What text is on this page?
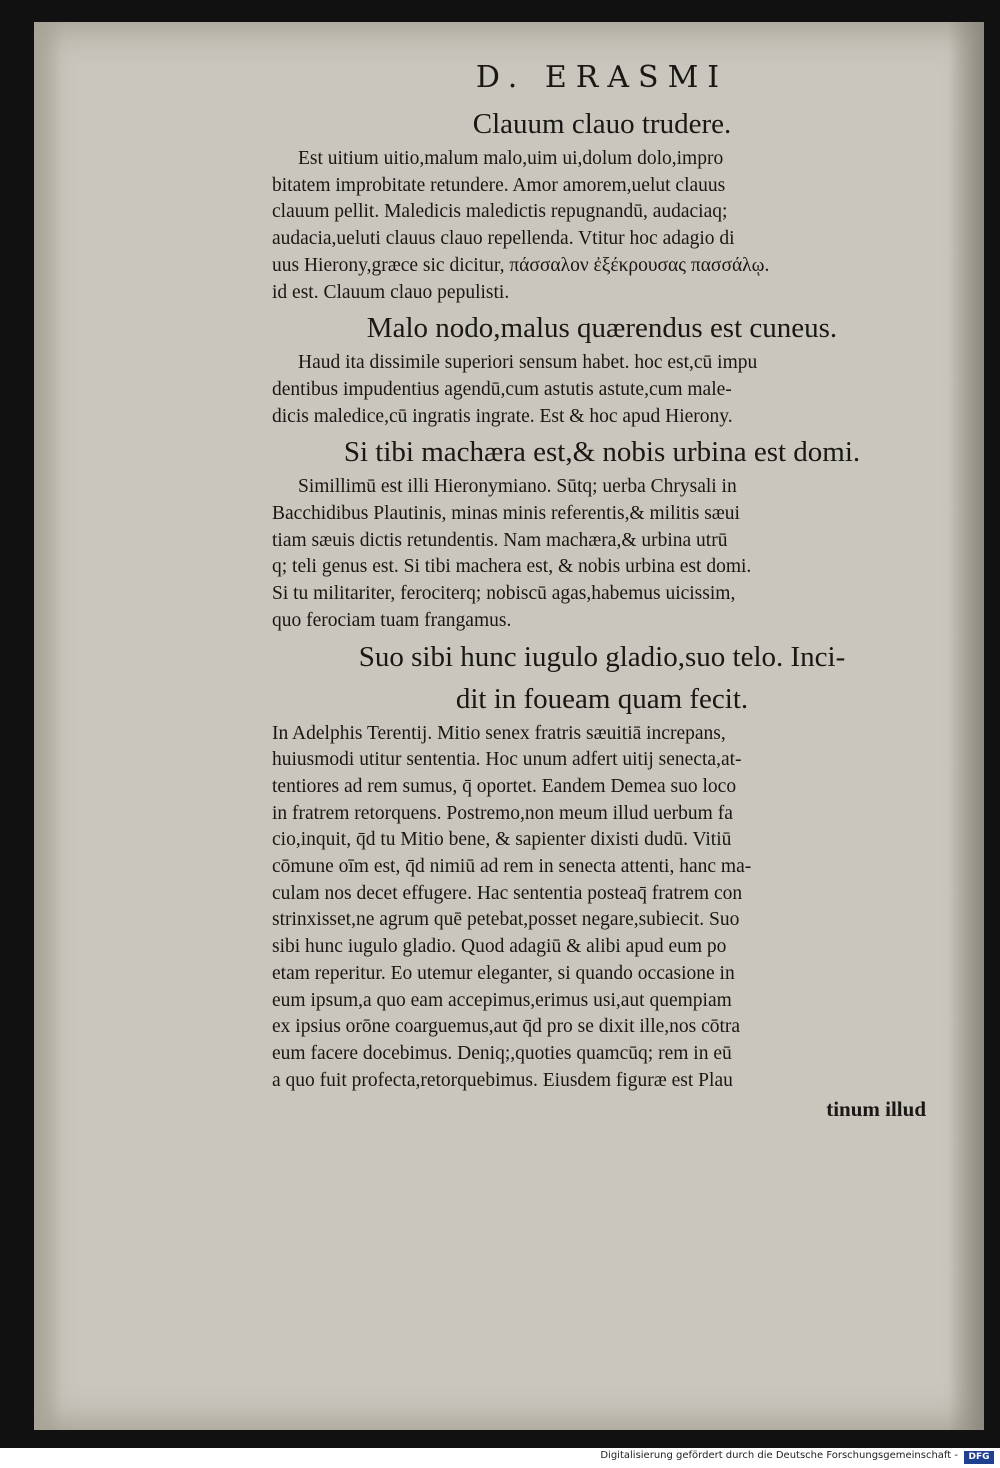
D. ERASMI
Clauum clauo trudere.
Est uitium uitio,malum malo,uim ui,dolum dolo,impro
bitatem improbitate retundere. Amor amorem,uelut clauus
clauum pellit. Maledicis maledictis repugnandū, audaciaq;
audacia,ueluti clauus clauo repellenda. Vtitur hoc adagio di
uus Hierony,græce sic dicitur, πάσσαλον ἐξέκρουσας πασσάλῳ.
id est. Clauum clauo pepulisti.
Malo nodo,malus quærendus est cuneus.
Haud ita dissimile superiori sensum habet. hoc est,cū impu
dentibus impudentius agendū,cum astutis astute,cum male-
dicis maledice,cū ingratis ingrate. Est & hoc apud Hierony.
Si tibi machæra est,& nobis urbina est domi.
Simillimū est illi Hieronymiano. Sūtq; uerba Chrysali in
Bacchidibus Plautinis, minas minis referentis,& militis sæui
tiam sæuis dictis retundentis. Nam machæra,& urbina utrū
q; teli genus est. Si tibi machera est, & nobis urbina est domi.
Si tu militariter, ferociterq; nobiscū agas,habemus uicissim,
quo ferociam tuam frangamus.
Suo sibi hunc iugulo gladio,suo telo. Inci-
dit in foueam quam fecit.
In Adelphis Terentij. Mitio senex fratris sæuitiā increpans,
huiusmodi utitur sententia. Hoc unum adfert uitij senecta,at-
tentiores ad rem sumus, q̄ oportet. Eandem Demea suo loco
in fratrem retorquens. Postremo,non meum illud uerbum fa
cio,inquit, q̄d tu Mitio bene, & sapienter dixisti dudū. Vitiū
cōmune oīm est, q̄d nimiū ad rem in senecta attenti, hanc ma-
culam nos decet effugere. Hac sententia posteaq̄ fratrem con
strinxisset,ne agrum quē petebat,posset negare,subiecit. Suo
sibi hunc iugulo gladio. Quod adagiū & alibi apud eum po
etam reperitur. Eo utemur eleganter, si quando occasione in
eum ipsum,a quo eam accepimus,erimus usi,aut quempiam
ex ipsius orōne coarguemus,aut q̄d pro se dixit ille,nos cōtra
eum facere docebimus. Deniq;,quoties quamcūq; rem in eū
a quo fuit profecta,retorquebimus. Eiusdem figuræ est Plau
tinum illud
Digitalisierung gefördert durch die Deutsche Forschungsgemeinschaft -	DFG
